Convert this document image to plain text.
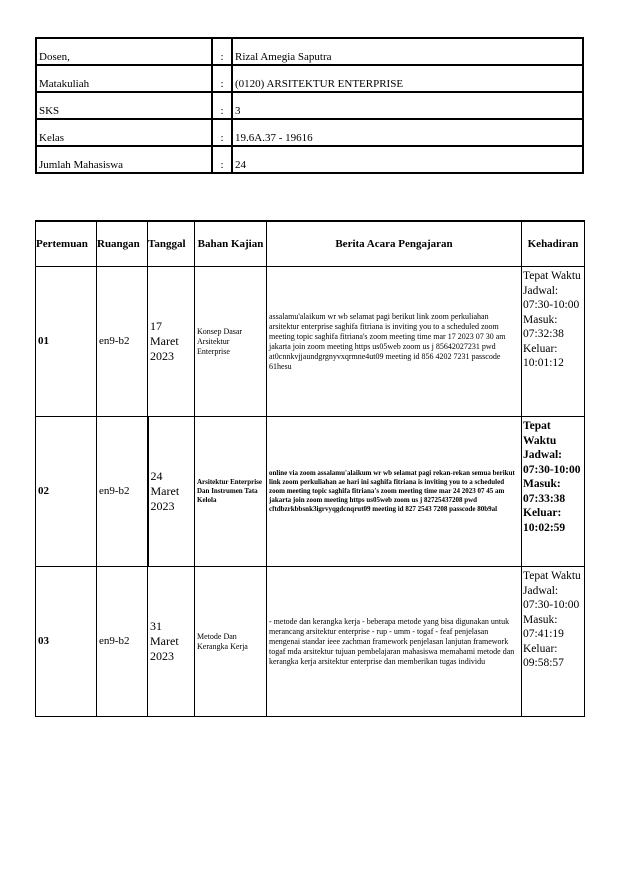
Dosen,	:	Rizal Amegia Saputra
Matakuliah	:	(0120) ARSITEKTUR ENTERPRISE
SKS	:	3
Kelas	:	19.6A.37 - 19616
Jumlah Mahasiswa	:	24
Pertemuan	Ruangan	Tanggal	Bahan Kajian	Berita Acara Pengajaran	Kehadiran
01	en9-b2	17 Maret 2023	Konsep Dasar Arsitektur Enterprise	assalamu'alaikum wr wb selamat pagi berikut link zoom perkuliahan arsitektur enterprise saghifa fitriana is inviting you to a scheduled zoom meeting topic saghifa fitriana's zoom meeting time mar 17 2023 07 30 am jakarta join zoom meeting https us05web zoom us j 85642027231 pwd at0cnnkvjjaundgrgnyvxqrmne4ut09 meeting id 856 4202 7231 passcode 61hesu	Tepat Waktu Jadwal: 07:30-10:00 Masuk: 07:32:38 Keluar: 10:01:12
02	en9-b2	24 Maret 2023	Arsitektur Enterprise Dan Instrumen Tata Kelola	online via zoom assalamu'alaikum wr wb selamat pagi rekan-rekan semua berikut link zoom perkuliahan ae hari ini saghifa fitriana is inviting you to a scheduled zoom meeting topic saghifa fitriana's zoom meeting time mar 24 2023 07 45 am jakarta join zoom meeting https us05web zoom us j 82725437208 pwd cftdbzrkbbsnk3igrvyqgdcnqrut09 meeting id 827 2543 7208 passcode 80b9al	Tepat Waktu Jadwal: 07:30-10:00 Masuk: 07:33:38 Keluar: 10:02:59
03	en9-b2	31 Maret 2023	Metode Dan Kerangka Kerja	- metode dan kerangka kerja - beberapa metode yang bisa digunakan untuk merancang arsitektur enterprise - rup - umm - togaf - feaf penjelasan mengenai standar ieee zachman framework penjelasan lanjutan framework togaf mda arsitektur tujuan pembelajaran mahasiswa memahami metode dan kerangka kerja arsitektur enterprise dan memberikan tugas individu	Tepat Waktu Jadwal: 07:30-10:00 Masuk: 07:41:19 Keluar: 09:58:57
